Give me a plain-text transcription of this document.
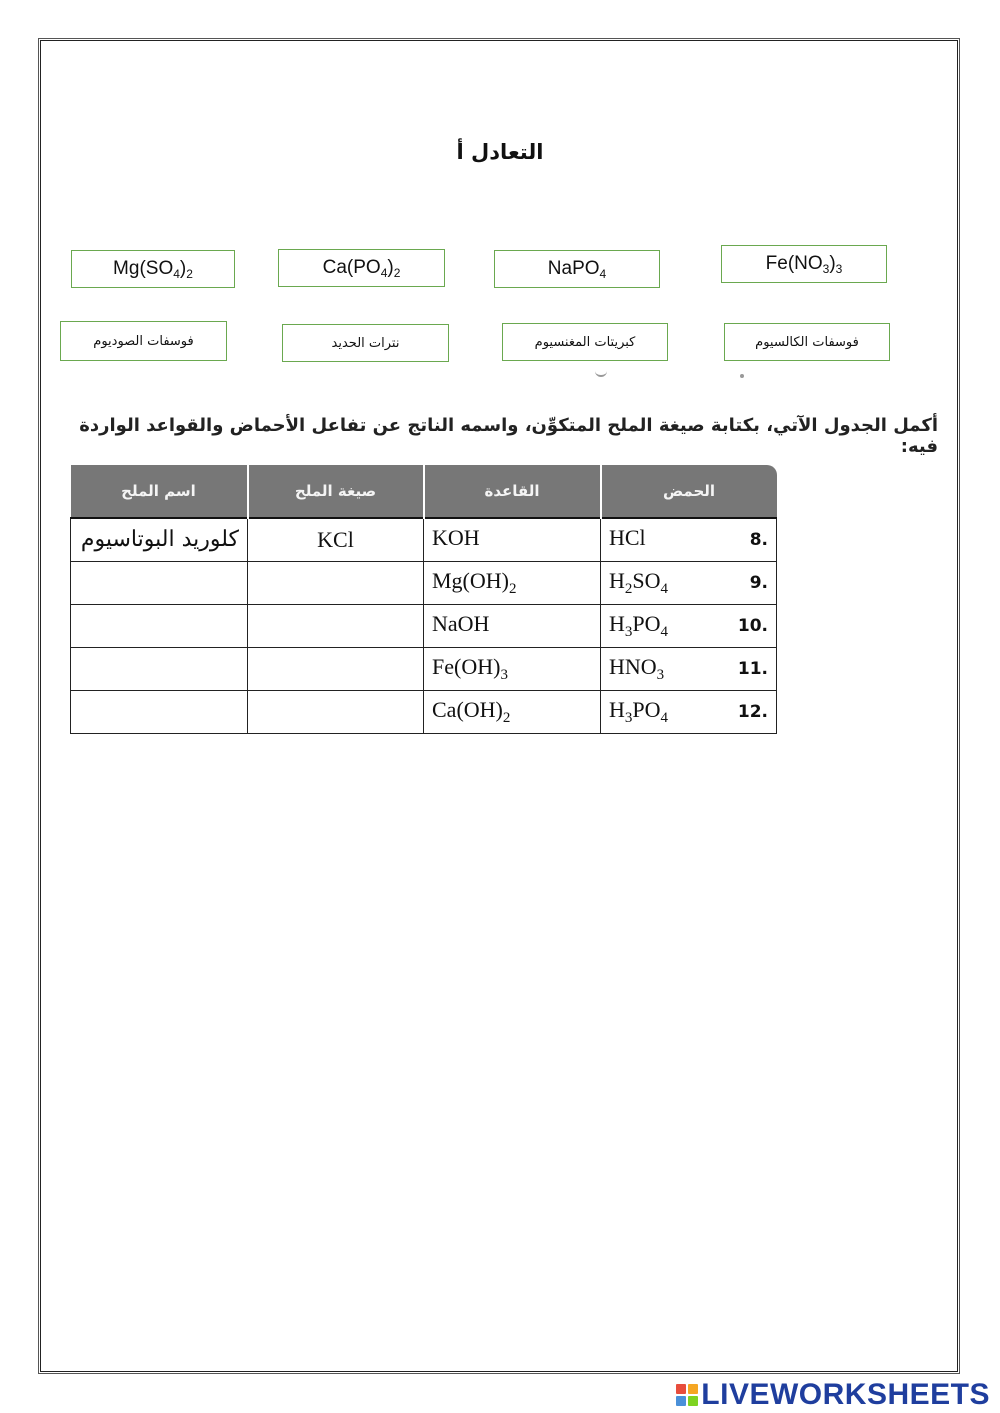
التعادل أ
$Mg(SO_4)_2$	$Ca(PO_4)_2$	NaPO$_4$	$Fe(NO_3)_3$
فوسفات الصوديوم	نترات الحديد	كبريتات المغنسيوم	فوسفات الكالسيوم
أكمل الجدول الآتي، بكتابة صيغة الملح المتكوِّن، واسمه الناتج عن تفاعل الأحماض والقواعد الواردة فيه:
الحمض	القاعدة	صيغة الملح	اسم الملح

HCl 8.	KOH	KCl	كلوريد البوتاسيوم

$H_2SO_4$ 9.	$Mg(OH)_2$		

$H_3PO_4$ 10.	NaOH		

$HNO_3$ 11.	$Fe(OH)_3$		

$H_3PO_4$ 12.	$Ca(OH)_2$		
LIVEWORKSHEETS
